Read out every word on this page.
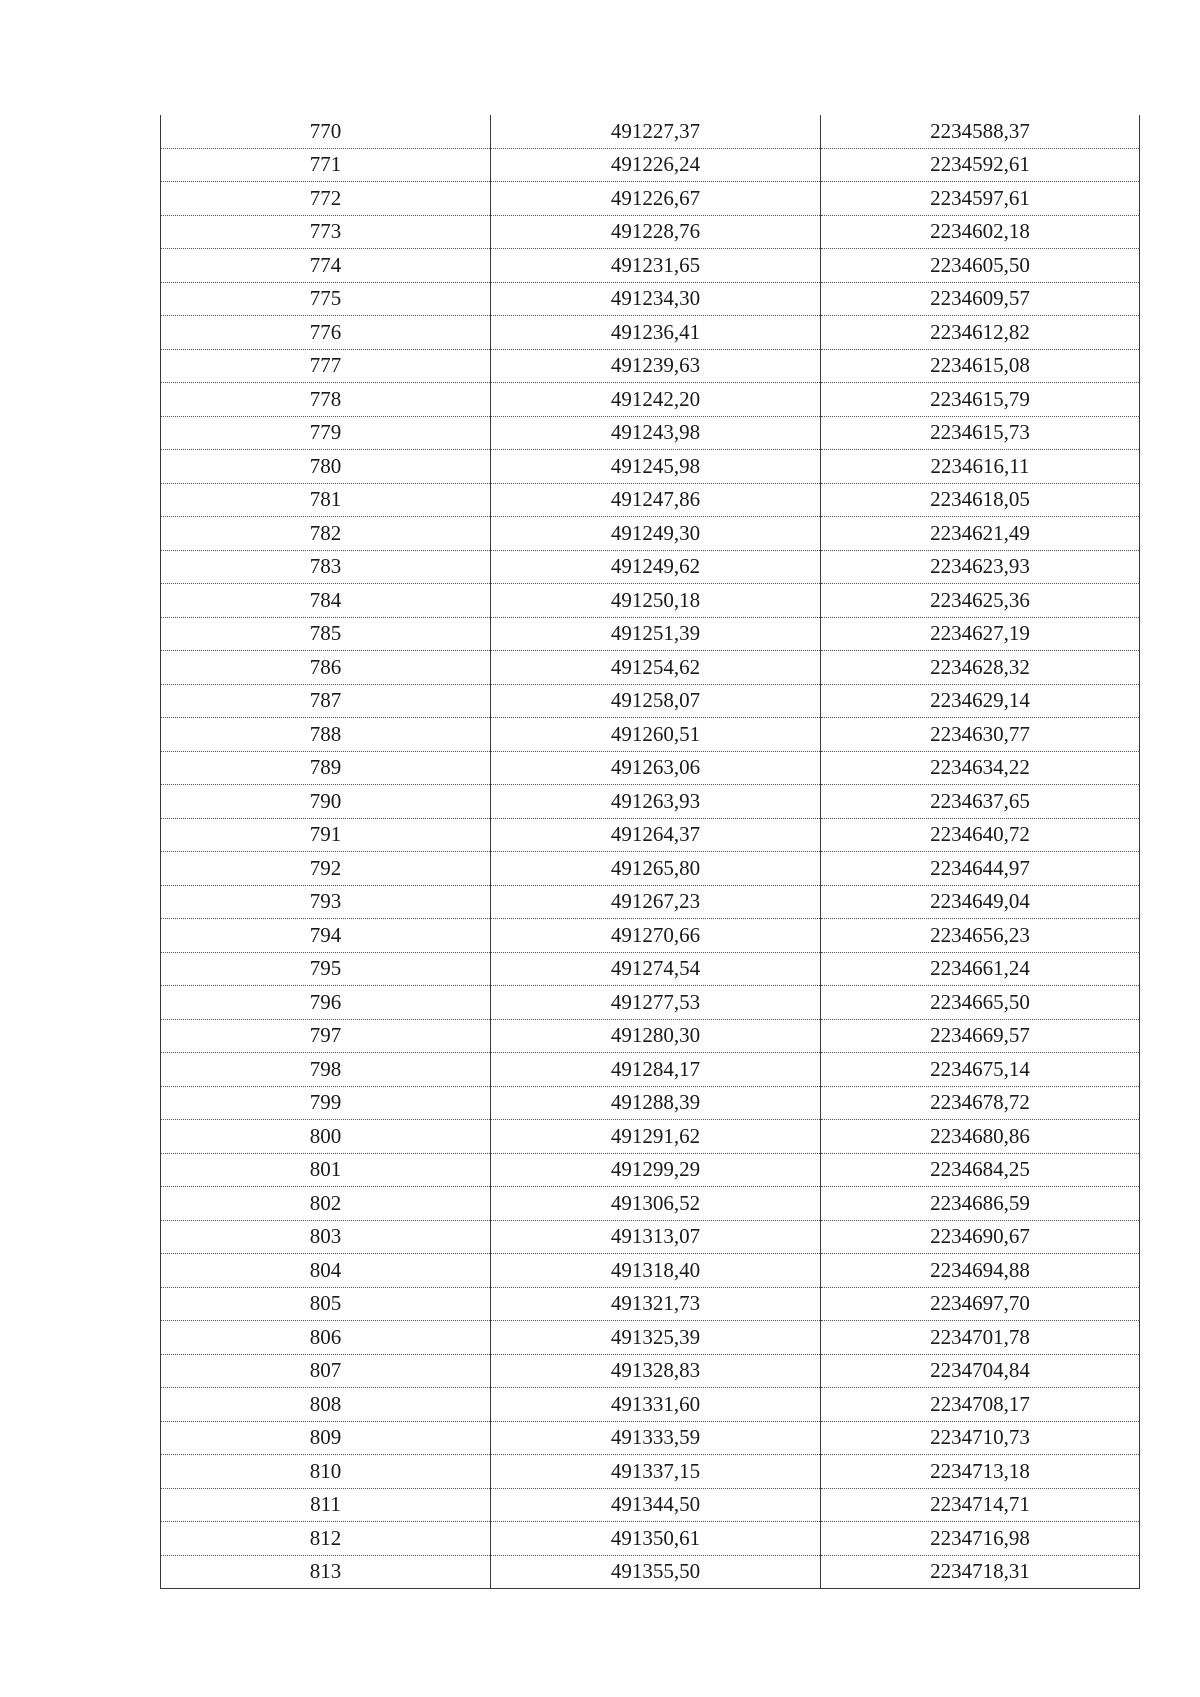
770	491227,37	2234588,37
771	491226,24	2234592,61
772	491226,67	2234597,61
773	491228,76	2234602,18
774	491231,65	2234605,50
775	491234,30	2234609,57
776	491236,41	2234612,82
777	491239,63	2234615,08
778	491242,20	2234615,79
779	491243,98	2234615,73
780	491245,98	2234616,11
781	491247,86	2234618,05
782	491249,30	2234621,49
783	491249,62	2234623,93
784	491250,18	2234625,36
785	491251,39	2234627,19
786	491254,62	2234628,32
787	491258,07	2234629,14
788	491260,51	2234630,77
789	491263,06	2234634,22
790	491263,93	2234637,65
791	491264,37	2234640,72
792	491265,80	2234644,97
793	491267,23	2234649,04
794	491270,66	2234656,23
795	491274,54	2234661,24
796	491277,53	2234665,50
797	491280,30	2234669,57
798	491284,17	2234675,14
799	491288,39	2234678,72
800	491291,62	2234680,86
801	491299,29	2234684,25
802	491306,52	2234686,59
803	491313,07	2234690,67
804	491318,40	2234694,88
805	491321,73	2234697,70
806	491325,39	2234701,78
807	491328,83	2234704,84
808	491331,60	2234708,17
809	491333,59	2234710,73
810	491337,15	2234713,18
811	491344,50	2234714,71
812	491350,61	2234716,98
813	491355,50	2234718,31
